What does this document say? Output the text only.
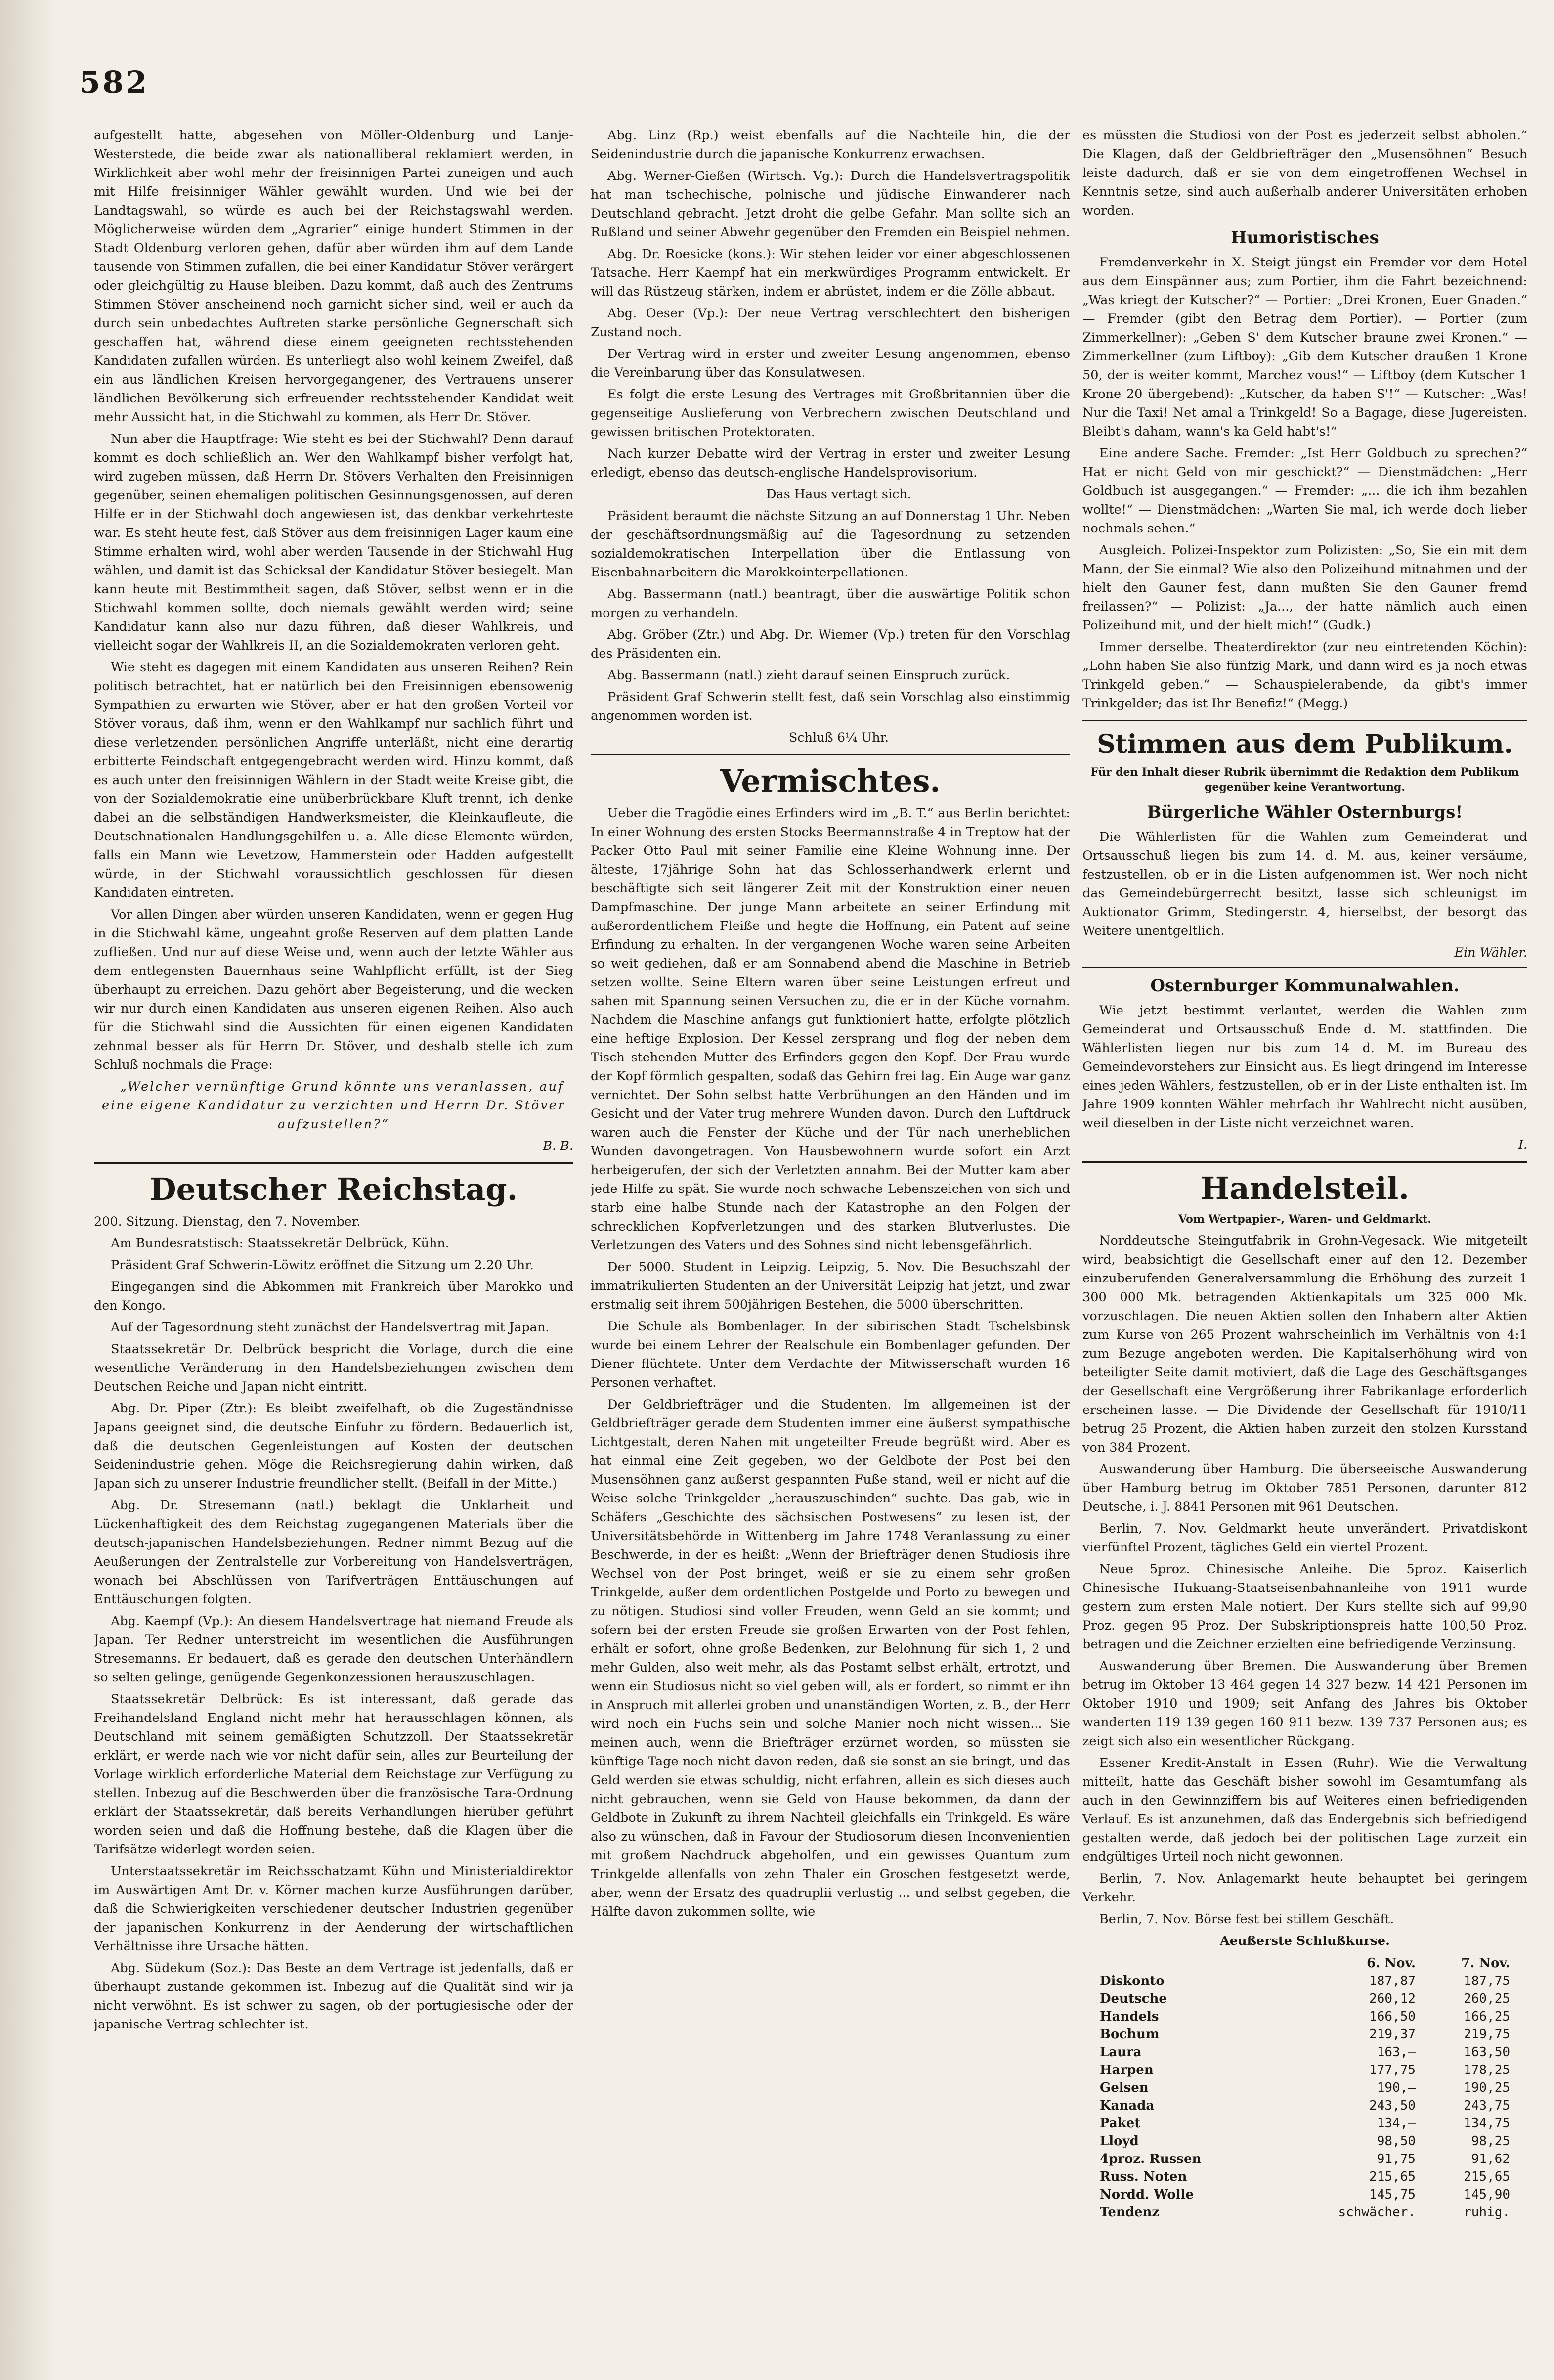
582

aufgestellt hatte, abgesehen von Möller-Oldenburg und Lanje-Westerstede, die beide zwar als nationalliberal reklamiert werden, in Wirklichkeit aber wohl mehr der freisinnigen Partei zuneigen und auch mit Hilfe freisinniger Wähler gewählt wurden. Und wie bei der Landtagswahl, so würde es auch bei der Reichstagswahl werden. Möglicherweise würden dem „Agrarier“ einige hundert Stimmen in der Stadt Oldenburg verloren gehen, dafür aber würden ihm auf dem Lande tausende von Stimmen zufallen, die bei einer Kandidatur Stöver verärgert oder gleichgültig zu Hause bleiben. Dazu kommt, daß auch des Zentrums Stimmen Stöver anscheinend noch garnicht sicher sind, weil er auch da durch sein unbedachtes Auftreten starke persönliche Gegnerschaft sich geschaffen hat, während diese einem geeigneten rechtsstehenden Kandidaten zufallen würden. Es unterliegt also wohl keinem Zweifel, daß ein aus ländlichen Kreisen hervorgegangener, des Vertrauens unserer ländlichen Bevölkerung sich erfreuender rechtsstehender Kandidat weit mehr Aussicht hat, in die Stichwahl zu kommen, als Herr Dr. Stöver.

Nun aber die Hauptfrage: Wie steht es bei der Stichwahl? Denn darauf kommt es doch schließlich an. Wer den Wahlkampf bisher verfolgt hat, wird zugeben müssen, daß Herrn Dr. Stövers Verhalten den Freisinnigen gegenüber, seinen ehemaligen politischen Gesinnungsgenossen, auf deren Hilfe er in der Stichwahl doch angewiesen ist, das denkbar verkehrteste war. Es steht heute fest, daß Stöver aus dem freisinnigen Lager kaum eine Stimme erhalten wird, wohl aber werden Tausende in der Stichwahl Hug wählen, und damit ist das Schicksal der Kandidatur Stöver besiegelt. Man kann heute mit Bestimmtheit sagen, daß Stöver, selbst wenn er in die Stichwahl kommen sollte, doch niemals gewählt werden wird; seine Kandidatur kann also nur dazu führen, daß dieser Wahlkreis, und vielleicht sogar der Wahlkreis II, an die Sozialdemokraten verloren geht.

Wie steht es dagegen mit einem Kandidaten aus unseren Reihen? Rein politisch betrachtet, hat er natürlich bei den Freisinnigen ebensowenig Sympathien zu erwarten wie Stöver, aber er hat den großen Vorteil vor Stöver voraus, daß ihm, wenn er den Wahlkampf nur sachlich führt und diese verletzenden persönlichen Angriffe unterläßt, nicht eine derartig erbitterte Feindschaft entgegengebracht werden wird. Hinzu kommt, daß es auch unter den freisinnigen Wählern in der Stadt weite Kreise gibt, die von der Sozialdemokratie eine unüberbrückbare Kluft trennt, ich denke dabei an die selbständigen Handwerksmeister, die Kleinkaufleute, die Deutschnationalen Handlungsgehilfen u. a. Alle diese Elemente würden, falls ein Mann wie Levetzow, Hammerstein oder Hadden aufgestellt würde, in der Stichwahl voraussichtlich geschlossen für diesen Kandidaten eintreten.

Vor allen Dingen aber würden unseren Kandidaten, wenn er gegen Hug in die Stichwahl käme, ungeahnt große Reserven auf dem platten Lande zufließen. Und nur auf diese Weise und, wenn auch der letzte Wähler aus dem entlegensten Bauernhaus seine Wahlpflicht erfüllt, ist der Sieg überhaupt zu erreichen. Dazu gehört aber Begeisterung, und die wecken wir nur durch einen Kandidaten aus unseren eigenen Reihen. Also auch für die Stichwahl sind die Aussichten für einen eigenen Kandidaten zehnmal besser als für Herrn Dr. Stöver, und deshalb stelle ich zum Schluß nochmals die Frage:

„Welcher vernünftige Grund könnte uns veranlassen, auf eine eigene Kandidatur zu verzichten und Herrn Dr. Stöver aufzustellen?“

B. B.
Deutscher Reichstag.

200. Sitzung. Dienstag, den 7. November.

Am Bundesratstisch: Staatssekretär Delbrück, Kühn.

Präsident Graf Schwerin-Löwitz eröffnet die Sitzung um 2.20 Uhr.

Eingegangen sind die Abkommen mit Frankreich über Marokko und den Kongo.

Auf der Tagesordnung steht zunächst der Handelsvertrag mit Japan.

Staatssekretär Dr. Delbrück bespricht die Vorlage, durch die eine wesentliche Veränderung in den Handelsbeziehungen zwischen dem Deutschen Reiche und Japan nicht eintritt.

Abg. Dr. Piper (Ztr.): Es bleibt zweifelhaft, ob die Zugeständnisse Japans geeignet sind, die deutsche Einfuhr zu fördern. Bedauerlich ist, daß die deutschen Gegenleistungen auf Kosten der deutschen Seidenindustrie gehen. Möge die Reichsregierung dahin wirken, daß Japan sich zu unserer Industrie freundlicher stellt. (Beifall in der Mitte.)

Abg. Dr. Stresemann (natl.) beklagt die Unklarheit und Lückenhaftigkeit des dem Reichstag zugegangenen Materials über die deutsch-japanischen Handelsbeziehungen. Redner nimmt Bezug auf die Aeußerungen der Zentralstelle zur Vorbereitung von Handelsverträgen, wonach bei Abschlüssen von Tarifverträgen Enttäuschungen auf Enttäuschungen folgten.

Abg. Kaempf (Vp.): An diesem Handelsvertrage hat niemand Freude als Japan. Ter Redner unterstreicht im wesentlichen die Ausführungen Stresemanns. Er bedauert, daß es gerade den deutschen Unterhändlern so selten gelinge, genügende Gegenkonzessionen herauszuschlagen.

Staatssekretär Delbrück: Es ist interessant, daß gerade das Freihandelsland England nicht mehr hat herausschlagen können, als Deutschland mit seinem gemäßigten Schutzzoll. Der Staatssekretär erklärt, er werde nach wie vor nicht dafür sein, alles zur Beurteilung der Vorlage wirklich erforderliche Material dem Reichstage zur Verfügung zu stellen. Inbezug auf die Beschwerden über die französische Tara-Ordnung erklärt der Staatssekretär, daß bereits Verhandlungen hierüber geführt worden seien und daß die Hoffnung bestehe, daß die Klagen über die Tarifsätze widerlegt worden seien.

Unterstaatssekretär im Reichsschatzamt Kühn und Ministerialdirektor im Auswärtigen Amt Dr. v. Körner machen kurze Ausführungen darüber, daß die Schwierigkeiten verschiedener deutscher Industrien gegenüber der japanischen Konkurrenz in der Aenderung der wirtschaftlichen Verhältnisse ihre Ursache hätten.

Abg. Südekum (Soz.): Das Beste an dem Vertrage ist jedenfalls, daß er überhaupt zustande gekommen ist. Inbezug auf die Qualität sind wir ja nicht verwöhnt. Es ist schwer zu sagen, ob der portugiesische oder der japanische Vertrag schlechter ist.

Abg. Linz (Rp.) weist ebenfalls auf die Nachteile hin, die der Seidenindustrie durch die japanische Konkurrenz erwachsen.

Abg. Werner-Gießen (Wirtsch. Vg.): Durch die Handelsvertragspolitik hat man tschechische, polnische und jüdische Einwanderer nach Deutschland gebracht. Jetzt droht die gelbe Gefahr. Man sollte sich an Rußland und seiner Abwehr gegenüber den Fremden ein Beispiel nehmen.

Abg. Dr. Roesicke (kons.): Wir stehen leider vor einer abgeschlossenen Tatsache. Herr Kaempf hat ein merkwürdiges Programm entwickelt. Er will das Rüstzeug stärken, indem er abrüstet, indem er die Zölle abbaut.

Abg. Oeser (Vp.): Der neue Vertrag verschlechtert den bisherigen Zustand noch.

Der Vertrag wird in erster und zweiter Lesung angenommen, ebenso die Vereinbarung über das Konsulatwesen.

Es folgt die erste Lesung des Vertrages mit Großbritannien über die gegenseitige Auslieferung von Verbrechern zwischen Deutschland und gewissen britischen Protektoraten.

Nach kurzer Debatte wird der Vertrag in erster und zweiter Lesung erledigt, ebenso das deutsch-englische Handelsprovisorium.

Das Haus vertagt sich.

Präsident beraumt die nächste Sitzung an auf Donnerstag 1 Uhr. Neben der geschäftsordnungsmäßig auf die Tagesordnung zu setzenden sozialdemokratischen Interpellation über die Entlassung von Eisenbahnarbeitern die Marokkointerpellationen.

Abg. Bassermann (natl.) beantragt, über die auswärtige Politik schon morgen zu verhandeln.

Abg. Gröber (Ztr.) und Abg. Dr. Wiemer (Vp.) treten für den Vorschlag des Präsidenten ein.

Abg. Bassermann (natl.) zieht darauf seinen Einspruch zurück.

Präsident Graf Schwerin stellt fest, daß sein Vorschlag also einstimmig angenommen worden ist.

Schluß 6¼ Uhr.

Vermischtes.

Ueber die Tragödie eines Erfinders wird im „B. T.“ aus Berlin berichtet: In einer Wohnung des ersten Stocks Beermannstraße 4 in Treptow hat der Packer Otto Paul mit seiner Familie eine Kleine Wohnung inne. Der älteste, 17jährige Sohn hat das Schlosserhandwerk erlernt und beschäftigte sich seit längerer Zeit mit der Konstruktion einer neuen Dampfmaschine. Der junge Mann arbeitete an seiner Erfindung mit außerordentlichem Fleiße und hegte die Hoffnung, ein Patent auf seine Erfindung zu erhalten. In der vergangenen Woche waren seine Arbeiten so weit gediehen, daß er am Sonnabend abend die Maschine in Betrieb setzen wollte. Seine Eltern waren über seine Leistungen erfreut und sahen mit Spannung seinen Versuchen zu, die er in der Küche vornahm. Nachdem die Maschine anfangs gut funktioniert hatte, erfolgte plötzlich eine heftige Explosion. Der Kessel zersprang und flog der neben dem Tisch stehenden Mutter des Erfinders gegen den Kopf. Der Frau wurde der Kopf förmlich gespalten, sodaß das Gehirn frei lag. Ein Auge war ganz vernichtet. Der Sohn selbst hatte Verbrühungen an den Händen und im Gesicht und der Vater trug mehrere Wunden davon. Durch den Luftdruck waren auch die Fenster der Küche und der Tür nach unerheblichen Wunden davongetragen. Von Hausbewohnern wurde sofort ein Arzt herbeigerufen, der sich der Verletzten annahm. Bei der Mutter kam aber jede Hilfe zu spät. Sie wurde noch schwache Lebenszeichen von sich und starb eine halbe Stunde nach der Katastrophe an den Folgen der schrecklichen Kopfverletzungen und des starken Blutverlustes. Die Verletzungen des Vaters und des Sohnes sind nicht lebensgefährlich.

Der 5000. Student in Leipzig. Leipzig, 5. Nov. Die Besuchszahl der immatrikulierten Studenten an der Universität Leipzig hat jetzt, und zwar erstmalig seit ihrem 500jährigen Bestehen, die 5000 überschritten.

Die Schule als Bombenlager. In der sibirischen Stadt Tschelsbinsk wurde bei einem Lehrer der Realschule ein Bombenlager gefunden. Der Diener flüchtete. Unter dem Verdachte der Mitwisserschaft wurden 16 Personen verhaftet.

Der Geldbriefträger und die Studenten. Im allgemeinen ist der Geldbriefträger gerade dem Studenten immer eine äußerst sympathische Lichtgestalt, deren Nahen mit ungeteilter Freude begrüßt wird. Aber es hat einmal eine Zeit gegeben, wo der Geldbote der Post bei den Musensöhnen ganz außerst gespannten Fuße stand, weil er nicht auf die Weise solche Trinkgelder „herauszuschinden“ suchte. Das gab, wie in Schäfers „Geschichte des sächsischen Postwesens“ zu lesen ist, der Universitätsbehörde in Wittenberg im Jahre 1748 Veranlassung zu einer Beschwerde, in der es heißt: „Wenn der Briefträger denen Studiosis ihre Wechsel von der Post bringet, weiß er sie zu einem sehr großen Trinkgelde, außer dem ordentlichen Postgelde und Porto zu bewegen und zu nötigen. Studiosi sind voller Freuden, wenn Geld an sie kommt; und sofern bei der ersten Freude sie großen Erwarten von der Post fehlen, erhält er sofort, ohne große Bedenken, zur Belohnung für sich 1, 2 und mehr Gulden, also weit mehr, als das Postamt selbst erhält, ertrotzt, und wenn ein Studiosus nicht so viel geben will, als er fordert, so nimmt er ihn in Anspruch mit allerlei groben und unanständigen Worten, z. B., der Herr wird noch ein Fuchs sein und solche Manier noch nicht wissen... Sie meinen auch, wenn die Briefträger erzürnet worden, so müssten sie künftige Tage noch nicht davon reden, daß sie sonst an sie bringt, und das Geld werden sie etwas schuldig, nicht erfahren, allein es sich dieses auch nicht gebrauchen, wenn sie Geld von Hause bekommen, da dann der Geldbote in Zukunft zu ihrem Nachteil gleichfalls ein Trinkgeld. Es wäre also zu wünschen, daß in Favour der Studiosorum diesen Inconvenientien mit großem Nachdruck abgeholfen, und ein gewisses Quantum zum Trinkgelde allenfalls von zehn Thaler ein Groschen festgesetzt werde, aber, wenn der Ersatz des quadruplii verlustig ... und selbst gegeben, die Hälfte davon zukommen sollte, wie

es müssten die Studiosi von der Post es jederzeit selbst abholen.“ Die Klagen, daß der Geldbriefträger den „Musensöhnen“ Besuch leiste dadurch, daß er sie von dem eingetroffenen Wechsel in Kenntnis setze, sind auch außerhalb anderer Universitäten erhoben worden.

Humoristisches

Fremdenverkehr in X. Steigt jüngst ein Fremder vor dem Hotel aus dem Einspänner aus; zum Portier, ihm die Fahrt bezeichnend: „Was kriegt der Kutscher?“ — Portier: „Drei Kronen, Euer Gnaden.“ — Fremder (gibt den Betrag dem Portier). — Portier (zum Zimmerkellner): „Geben S' dem Kutscher braune zwei Kronen.“ — Zimmerkellner (zum Liftboy): „Gib dem Kutscher draußen 1 Krone 50, der is weiter kommt, Marchez vous!“ — Liftboy (dem Kutscher 1 Krone 20 übergebend): „Kutscher, da haben S'!“ — Kutscher: „Was! Nur die Taxi! Net amal a Trinkgeld! So a Bagage, diese Jugereisten. Bleibt's daham, wann's ka Geld habt's!“

Eine andere Sache. Fremder: „Ist Herr Goldbuch zu sprechen?“ Hat er nicht Geld von mir geschickt?“ — Dienstmädchen: „Herr Goldbuch ist ausgegangen.“ — Fremder: „... die ich ihm bezahlen wollte!“ — Dienstmädchen: „Warten Sie mal, ich werde doch lieber nochmals sehen.“

Ausgleich. Polizei-Inspektor zum Polizisten: „So, Sie ein mit dem Mann, der Sie einmal? Wie also den Polizeihund mitnahmen und der hielt den Gauner fest, dann mußten Sie den Gauner fremd freilassen?“ — Polizist: „Ja..., der hatte nämlich auch einen Polizeihund mit, und der hielt mich!“ (Gudk.)

Immer derselbe. Theaterdirektor (zur neu eintretenden Köchin): „Lohn haben Sie also fünfzig Mark, und dann wird es ja noch etwas Trinkgeld geben.“ — Schauspielerabende, da gibt's immer Trinkgelder; das ist Ihr Benefiz!“ (Megg.)

Stimmen aus dem Publikum.
Für den Inhalt dieser Rubrik übernimmt die Redaktion dem Publikum gegenüber keine Verantwortung.
Bürgerliche Wähler Osternburgs!

Die Wählerlisten für die Wahlen zum Gemeinderat und Ortsausschuß liegen bis zum 14. d. M. aus, keiner versäume, festzustellen, ob er in die Listen aufgenommen ist. Wer noch nicht das Gemeindebürgerrecht besitzt, lasse sich schleunigst im Auktionator Grimm, Stedingerstr. 4, hierselbst, der besorgt das Weitere unentgeltlich.

Ein Wähler.
Osternburger Kommunalwahlen.

Wie jetzt bestimmt verlautet, werden die Wahlen zum Gemeinderat und Ortsausschuß Ende d. M. stattfinden. Die Wählerlisten liegen nur bis zum 14 d. M. im Bureau des Gemeindevorstehers zur Einsicht aus. Es liegt dringend im Interesse eines jeden Wählers, festzustellen, ob er in der Liste enthalten ist. Im Jahre 1909 konnten Wähler mehrfach ihr Wahlrecht nicht ausüben, weil dieselben in der Liste nicht verzeichnet waren.

I.
Handelsteil.
Vom Wertpapier-, Waren- und Geldmarkt.

Norddeutsche Steingutfabrik in Grohn-Vegesack. Wie mitgeteilt wird, beabsichtigt die Gesellschaft einer auf den 12. Dezember einzuberufenden Generalversammlung die Erhöhung des zurzeit 1 300 000 Mk. betragenden Aktienkapitals um 325 000 Mk. vorzuschlagen. Die neuen Aktien sollen den Inhabern alter Aktien zum Kurse von 265 Prozent wahrscheinlich im Verhältnis von 4:1 zum Bezuge angeboten werden. Die Kapitalserhöhung wird von beteiligter Seite damit motiviert, daß die Lage des Geschäftsganges der Gesellschaft eine Vergrößerung ihrer Fabrikanlage erforderlich erscheinen lasse. — Die Dividende der Gesellschaft für 1910/11 betrug 25 Prozent, die Aktien haben zurzeit den stolzen Kursstand von 384 Prozent.

Auswanderung über Hamburg. Die überseeische Auswanderung über Hamburg betrug im Oktober 7851 Personen, darunter 812 Deutsche, i. J. 8841 Personen mit 961 Deutschen.

Berlin, 7. Nov. Geldmarkt heute unverändert. Privatdiskont vierfünftel Prozent, tägliches Geld ein viertel Prozent.

Neue 5proz. Chinesische Anleihe. Die 5proz. Kaiserlich Chinesische Hukuang-Staatseisenbahnanleihe von 1911 wurde gestern zum ersten Male notiert. Der Kurs stellte sich auf 99,90 Proz. gegen 95 Proz. Der Subskriptionspreis hatte 100,50 Proz. betragen und die Zeichner erzielten eine befriedigende Verzinsung.

Auswanderung über Bremen. Die Auswanderung über Bremen betrug im Oktober 13 464 gegen 14 327 bezw. 14 421 Personen im Oktober 1910 und 1909; seit Anfang des Jahres bis Oktober wanderten 119 139 gegen 160 911 bezw. 139 737 Personen aus; es zeigt sich also ein wesentlicher Rückgang.

Essener Kredit-Anstalt in Essen (Ruhr). Wie die Verwaltung mitteilt, hatte das Geschäft bisher sowohl im Gesamtumfang als auch in den Gewinnziffern bis auf Weiteres einen befriedigenden Verlauf. Es ist anzunehmen, daß das Endergebnis sich befriedigend gestalten werde, daß jedoch bei der politischen Lage zurzeit ein endgültiges Urteil noch nicht gewonnen.

Berlin, 7. Nov. Anlagemarkt heute behauptet bei geringem Verkehr.

Berlin, 7. Nov. Börse fest bei stillem Geschäft.

Aeußerste Schlußkurse.
	6. Nov.	7. Nov.
Diskonto	187,87	187,75
Deutsche	260,12	260,25
Handels	166,50	166,25
Bochum	219,37	219,75
Laura	163,—	163,50
Harpen	177,75	178,25
Gelsen	190,—	190,25
Kanada	243,50	243,75
Paket	134,—	134,75
Lloyd	98,50	98,25
4proz. Russen	91,75	91,62
Russ. Noten	215,65	215,65
Nordd. Wolle	145,75	145,90
Tendenz	schwächer.	ruhig.
